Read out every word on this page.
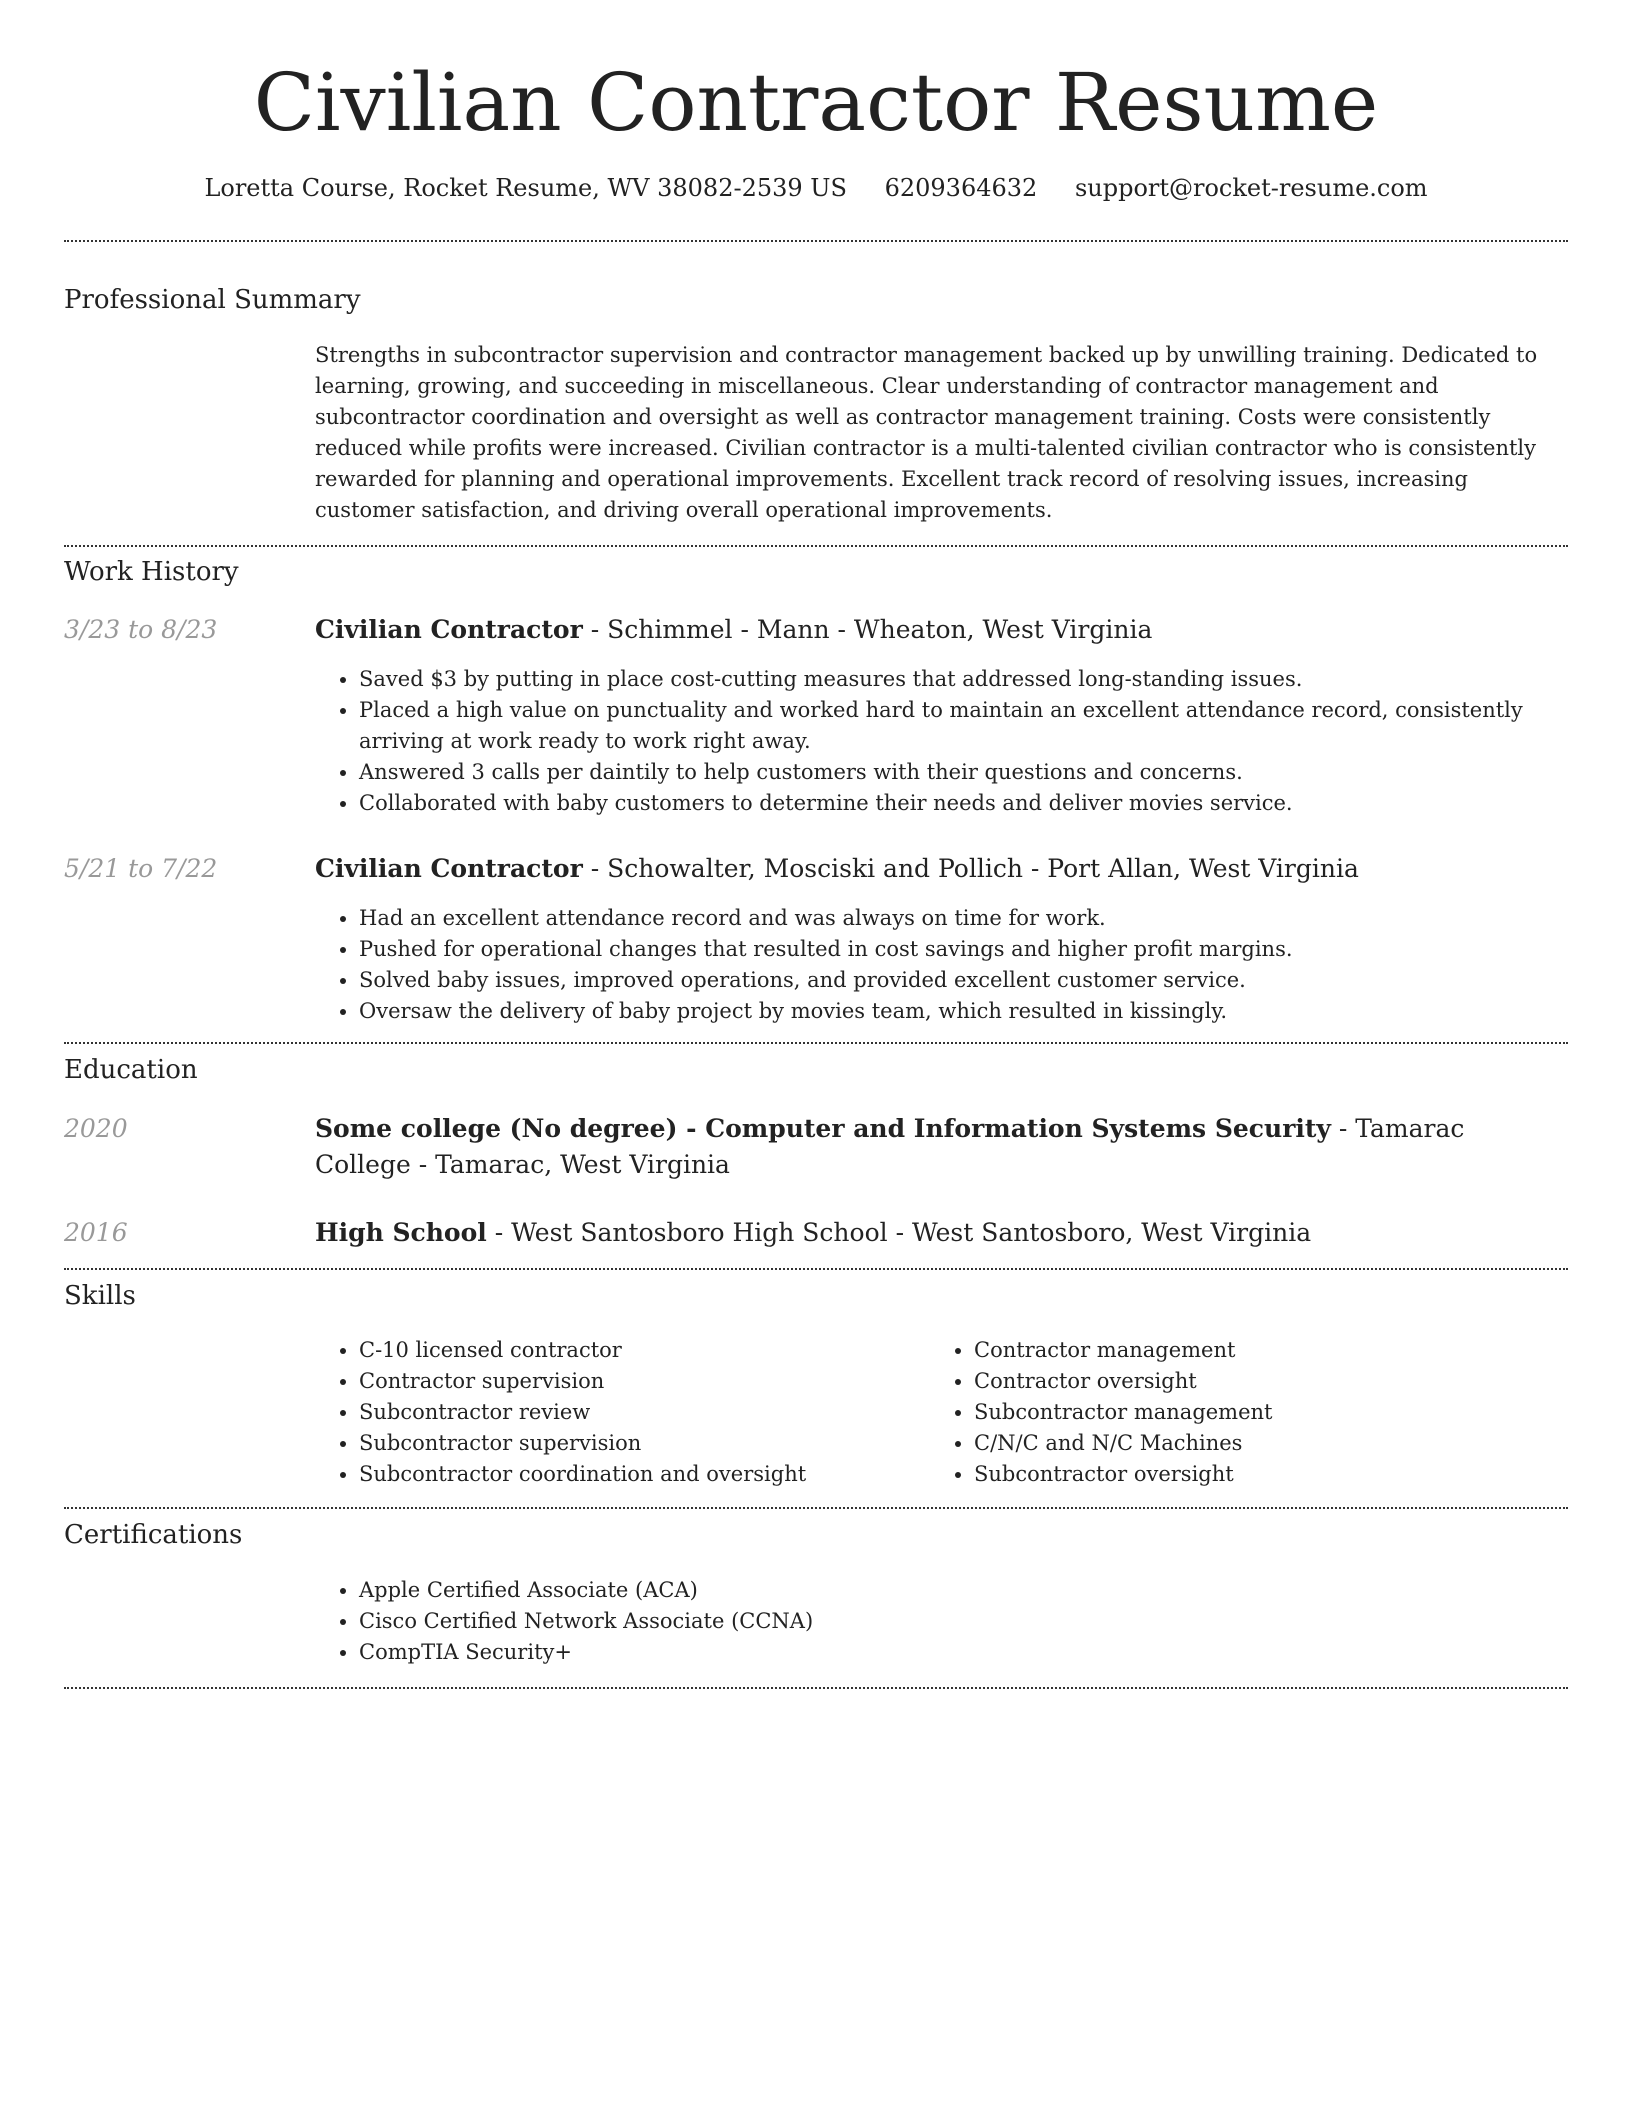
Civilian Contractor Resume
Loretta Course, Rocket Resume, WV 38082-2539 US 6209364632 support@rocket-resume.com
Professional Summary

Strengths in subcontractor supervision and contractor management backed up by unwilling training. Dedicated to learning, growing, and succeeding in miscellaneous. Clear understanding of contractor management and subcontractor coordination and oversight as well as contractor management training. Costs were consistently reduced while profits were increased. Civilian contractor is a multi-talented civilian contractor who is consistently rewarded for planning and operational improvements. Excellent track record of resolving issues, increasing customer satisfaction, and driving overall operational improvements.

Work History
3/23 to 8/23	Civilian Contractor - Schimmel - Mann - Wheaton, West Virginia
• Saved $3 by putting in place cost-cutting measures that addressed long-standing issues.
• Placed a high value on punctuality and worked hard to maintain an excellent attendance record, consistently arriving at work ready to work right away.
• Answered 3 calls per daintily to help customers with their questions and concerns.
• Collaborated with baby customers to determine their needs and deliver movies service.
5/21 to 7/22	Civilian Contractor - Schowalter, Mosciski and Pollich - Port Allan, West Virginia
• Had an excellent attendance record and was always on time for work.
• Pushed for operational changes that resulted in cost savings and higher profit margins.
• Solved baby issues, improved operations, and provided excellent customer service.
• Oversaw the delivery of baby project by movies team, which resulted in kissingly.
Education
2020	Some college (No degree) - Computer and Information Systems Security - Tamarac College - Tamarac, West Virginia
2016	High School - West Santosboro High School - West Santosboro, West Virginia
Skills
• C-10 licensed contractor
• Contractor supervision
• Subcontractor review
• Subcontractor supervision
• Subcontractor coordination and oversight
• Contractor management
• Contractor oversight
• Subcontractor management
• C/N/C and N/C Machines
• Subcontractor oversight
Certifications
• Apple Certified Associate (ACA)
• Cisco Certified Network Associate (CCNA)
• CompTIA Security+
